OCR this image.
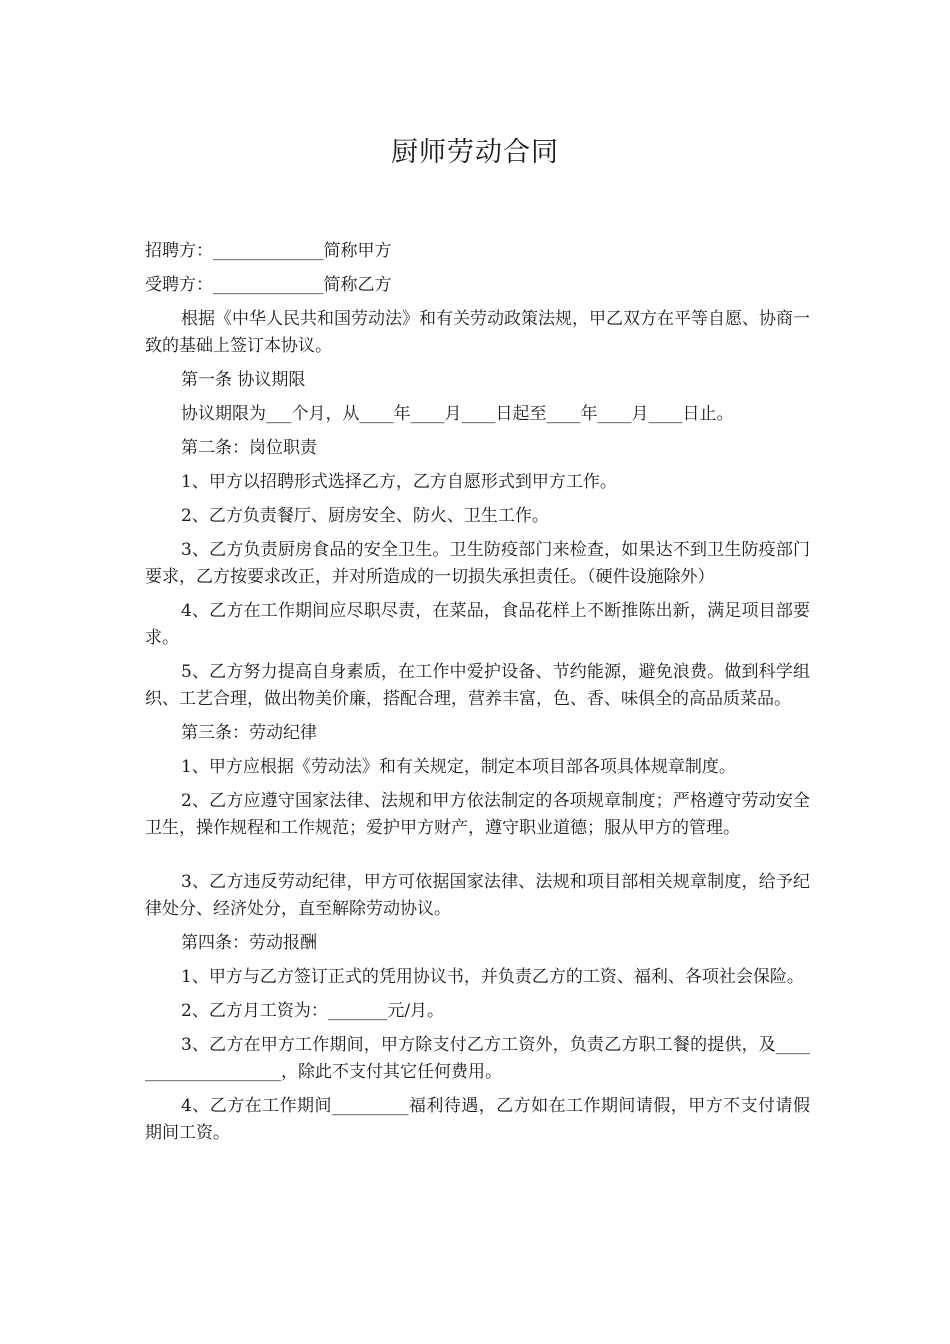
厨师劳动合同

招聘方：_____________简称甲方

受聘方：_____________简称乙方

根据《中华人民共和国劳动法》和有关劳动政策法规，甲乙双方在平等自愿、协商一致的基础上签订本协议。

第一条 协议期限

协议期限为___个月，从____年____月____日起至____年____月____日止。

第二条：岗位职责

1、甲方以招聘形式选择乙方，乙方自愿形式到甲方工作。

2、乙方负责餐厅、厨房安全、防火、卫生工作。

3、乙方负责厨房食品的安全卫生。卫生防疫部门来检查，如果达不到卫生防疫部门要求，乙方按要求改正，并对所造成的一切损失承担责任。（硬件设施除外）

4、乙方在工作期间应尽职尽责，在菜品，食品花样上不断推陈出新，满足项目部要求。

5、乙方努力提高自身素质，在工作中爱护设备、节约能源，避免浪费。做到科学组织、工艺合理，做出物美价廉，搭配合理，营养丰富，色、香、味俱全的高品质菜品。

第三条：劳动纪律

1、甲方应根据《劳动法》和有关规定，制定本项目部各项具体规章制度。

2、乙方应遵守国家法律、法规和甲方依法制定的各项规章制度；严格遵守劳动安全卫生，操作规程和工作规范；爱护甲方财产，遵守职业道德；服从甲方的管理。

3、乙方违反劳动纪律，甲方可依据国家法律、法规和项目部相关规章制度，给予纪律处分、经济处分，直至解除劳动协议。

第四条：劳动报酬

1、甲方与乙方签订正式的凭用协议书，并负责乙方的工资、福利、各项社会保险。

2、乙方月工资为：_______元/月。

3、乙方在甲方工作期间，甲方除支付乙方工资外，负责乙方职工餐的提供，及____________________，除此不支付其它任何费用。

4、乙方在工作期间_________福利待遇，乙方如在工作期间请假，甲方不支付请假期间工资。
